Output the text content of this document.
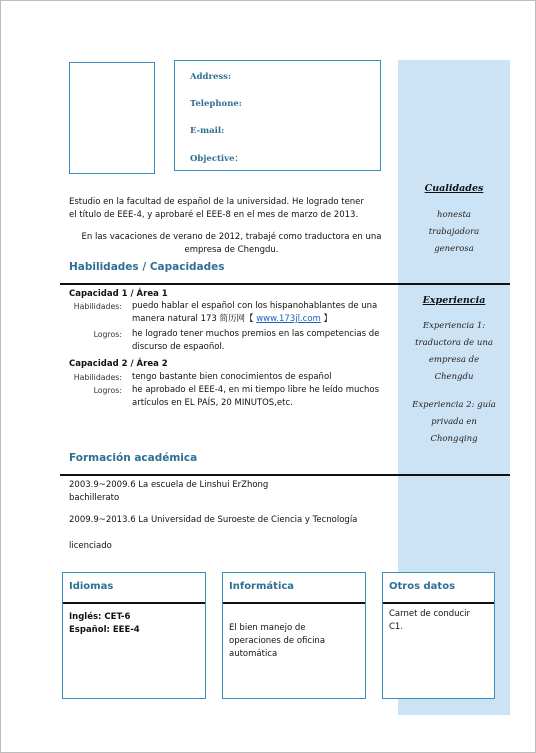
Address:
Telephone:
E-mail:
Objective：
Estudio en la facultad de español de la universidad. He logrado tener
el título de EEE-4, y aprobaré el EEE-8 en el mes de marzo de 2013.
En las vacaciones de verano de 2012, trabajé como traductora en una
empresa de Chengdu.
Habilidades / Capacidades
Capacidad 1 / Área 1
Habilidades: puedo hablar el español con los hispanohablantes de una
manera natural 173 简历网【 www.173jl.com 】
Logros: he logrado tener muchos premios en las competencias de
discurso de espaoñol.
Capacidad 2 / Área 2
Habilidades: tengo bastante bien conocimientos de español
Logros: he aprobado el EEE-4, en mi tiempo libre he leído muchos
artículos en EL PAÍS, 20 MINUTOS,etc.
Formación académica
2003.9~2009.6 La escuela de Linshui ErZhong
bachillerato
2009.9~2013.6 La Universidad de Suroeste de Ciencia y Tecnología
licenciado
Cualidades
honesta
trabajadora
generosa
Experiencia
Experiencia 1:
traductora de una
empresa de
Chengdu
Experiencia 2: guía
privada en
Chongqing
Idiomas
Inglés: CET-6
Español: EEE-4
Informática
El bien manejo de
operaciones de oficina
automática
Otros datos
Carnet de conducir
C1.
